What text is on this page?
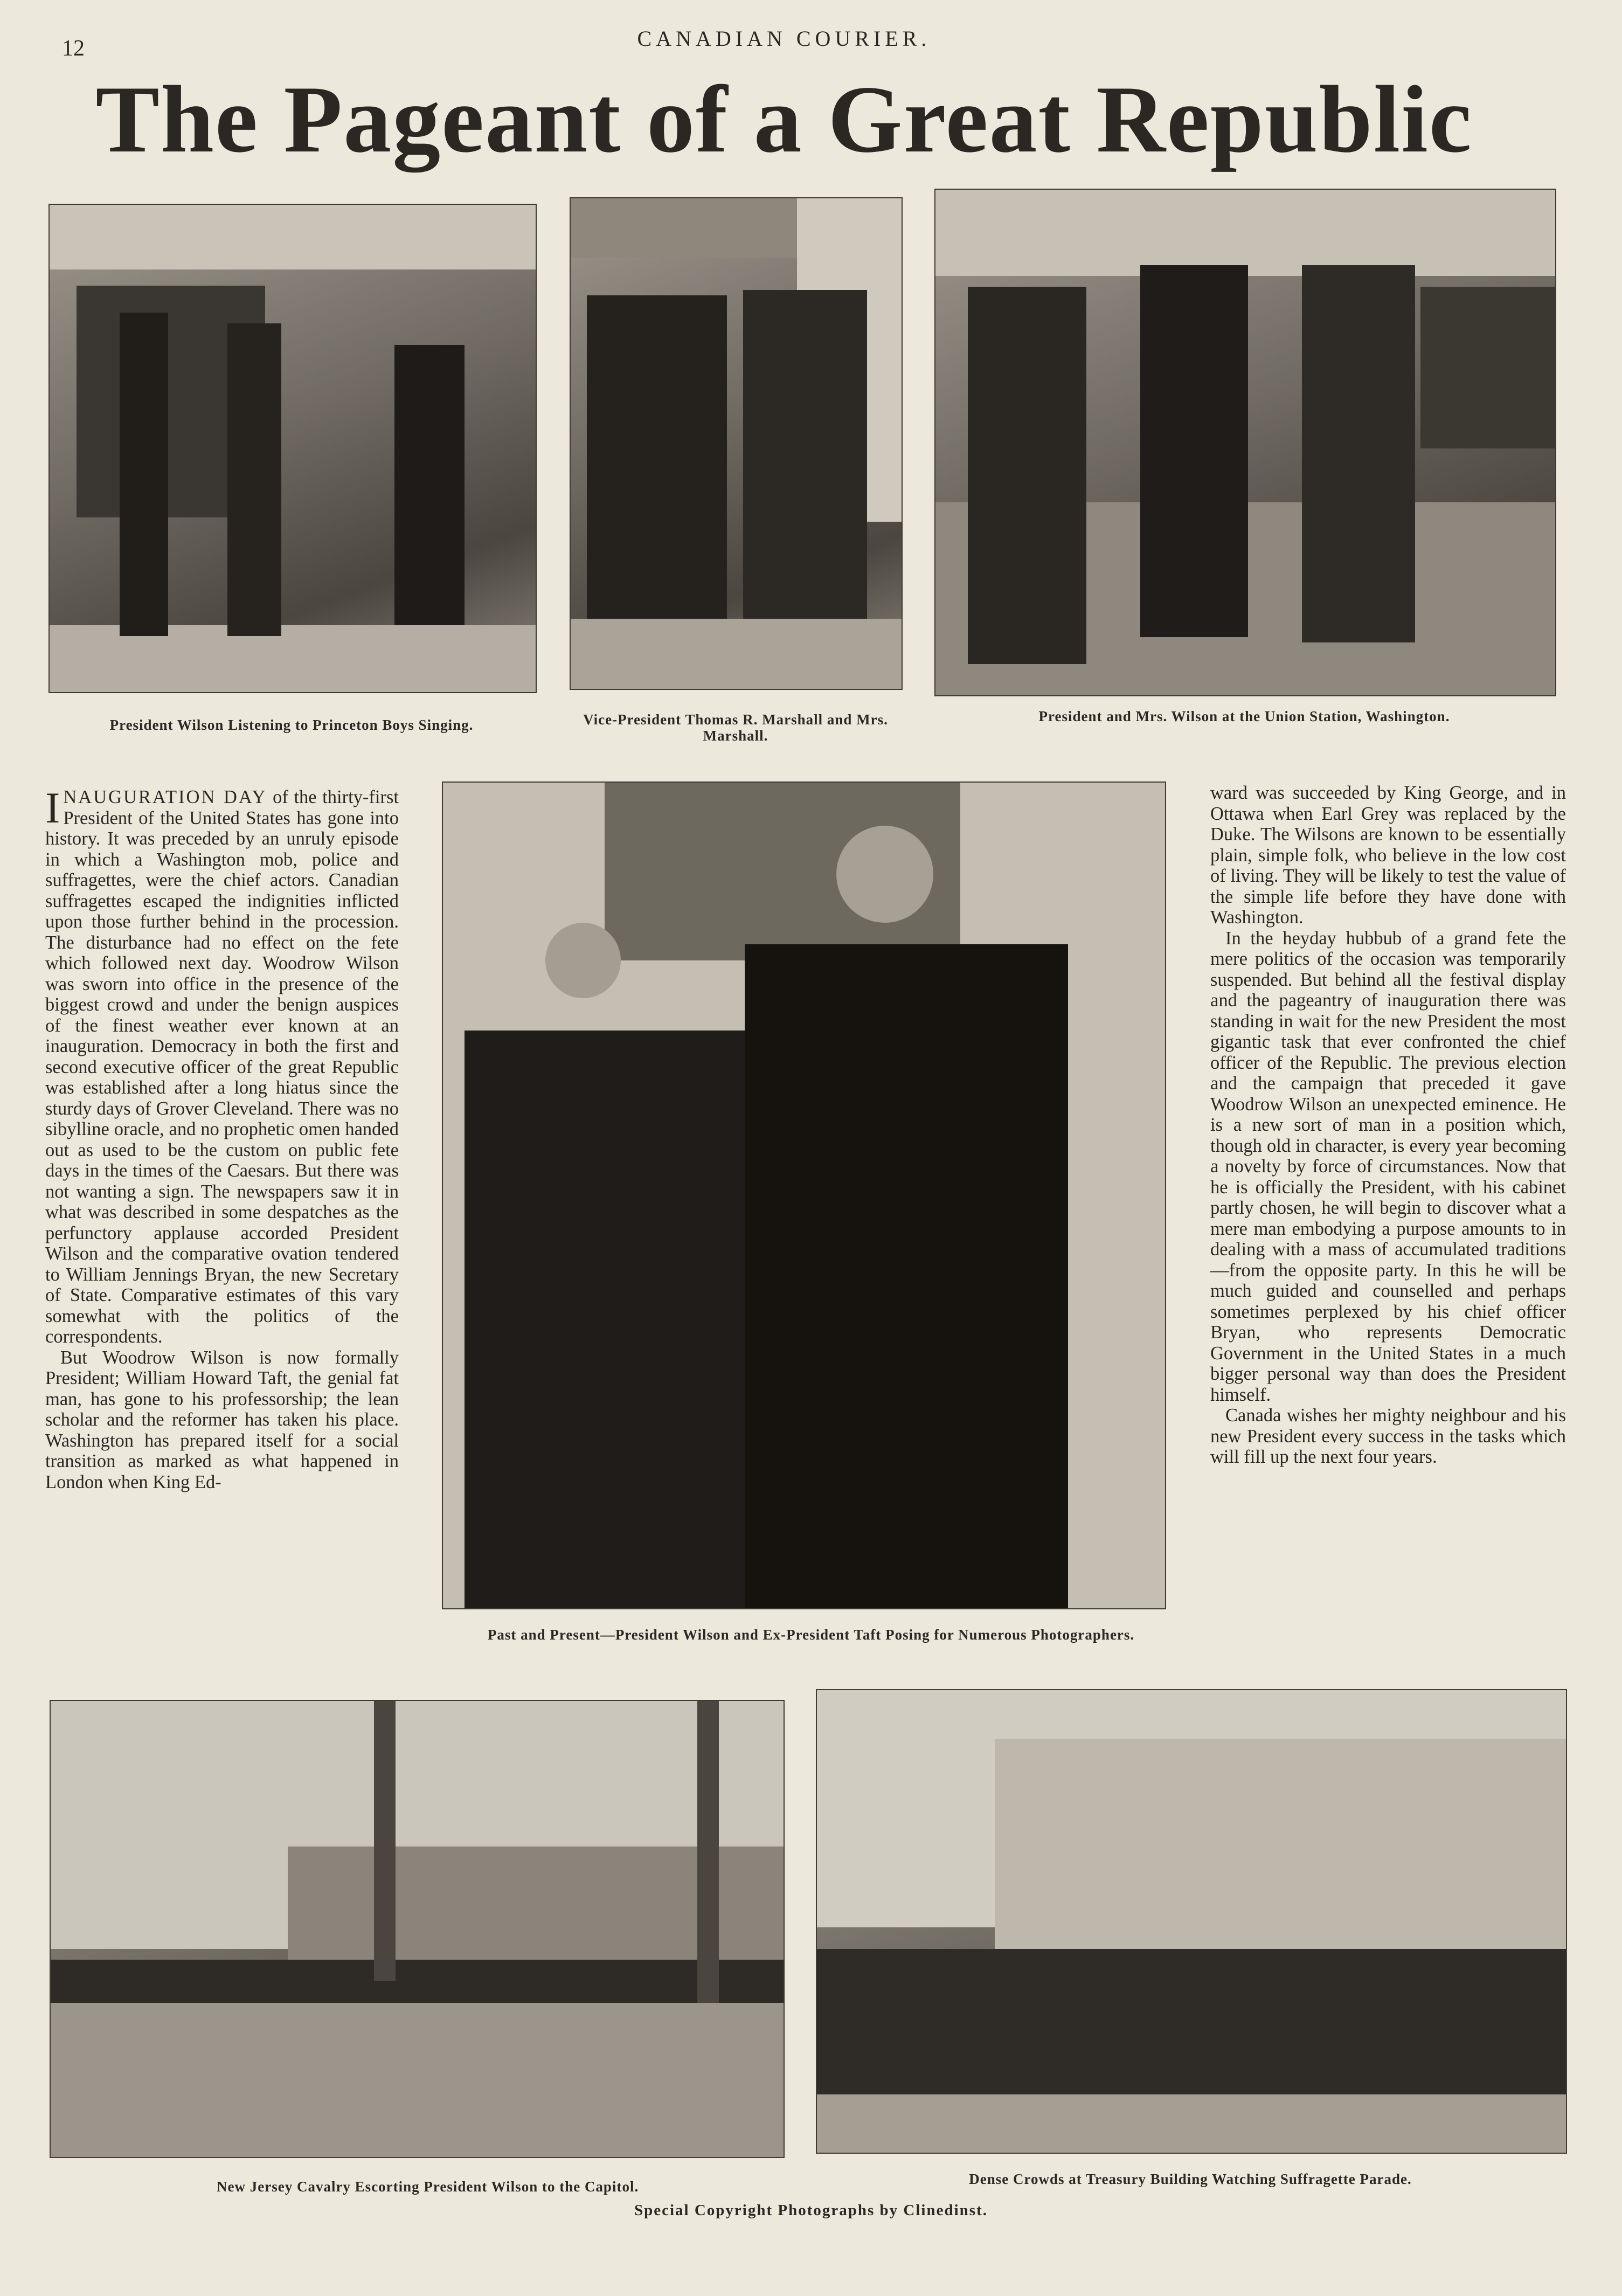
12	CANADIAN COURIER.
The Pageant of a Great Republic
President Wilson Listening to Princeton Boys Singing.	Vice-President Thomas R. Marshall and Mrs. Marshall.
President and Mrs. Wilson at the Union Station, Washington.
Past and Present—President Wilson and Ex-President Taft Posing for Numerous Photographers.

INAUGURATION DAY of the thirty-first President of the United States has gone into history. It was preceded by an unruly episode in which a Washington mob, police and suffragettes, were the chief actors. Canadian suffragettes escaped the indignities inflicted upon those further behind in the procession. The disturbance had no effect on the fete which followed next day. Woodrow Wilson was sworn into office in the presence of the biggest crowd and under the benign auspices of the finest weather ever known at an inauguration. Democracy in both the first and second executive officer of the great Republic was established after a long hiatus since the sturdy days of Grover Cleveland. There was no sibylline oracle, and no prophetic omen handed out as used to be the custom on public fete days in the times of the Caesars. But there was not wanting a sign. The newspapers saw it in what was described in some despatches as the perfunctory applause accorded President Wilson and the comparative ovation tendered to William Jennings Bryan, the new Secretary of State. Comparative estimates of this vary somewhat with the politics of the correspondents.

But Woodrow Wilson is now formally President; William Howard Taft, the genial fat man, has gone to his professorship; the lean scholar and the reformer has taken his place. Washington has prepared itself for a social transition as marked as what happened in London when King Ed-

ward was succeeded by King George, and in Ottawa when Earl Grey was replaced by the Duke. The Wilsons are known to be essentially plain, simple folk, who believe in the low cost of living. They will be likely to test the value of the simple life before they have done with Washington.

In the heyday hubbub of a grand fete the mere politics of the occasion was temporarily suspended. But behind all the festival display and the pageantry of inauguration there was standing in wait for the new President the most gigantic task that ever confronted the chief officer of the Republic. The previous election and the campaign that preceded it gave Woodrow Wilson an unexpected eminence. He is a new sort of man in a position which, though old in character, is every year becoming a novelty by force of circumstances. Now that he is officially the President, with his cabinet partly chosen, he will begin to discover what a mere man embodying a purpose amounts to in dealing with a mass of accumulated traditions—from the opposite party. In this he will be much guided and counselled and perhaps sometimes perplexed by his chief officer Bryan, who represents Democratic Government in the United States in a much bigger personal way than does the President himself.

Canada wishes her mighty neighbour and his new President every success in the tasks which will fill up the next four years.

New Jersey Cavalry Escorting President Wilson to the Capitol.	Dense Crowds at Treasury Building Watching Suffragette Parade.
Special Copyright Photographs by Clinedinst.
